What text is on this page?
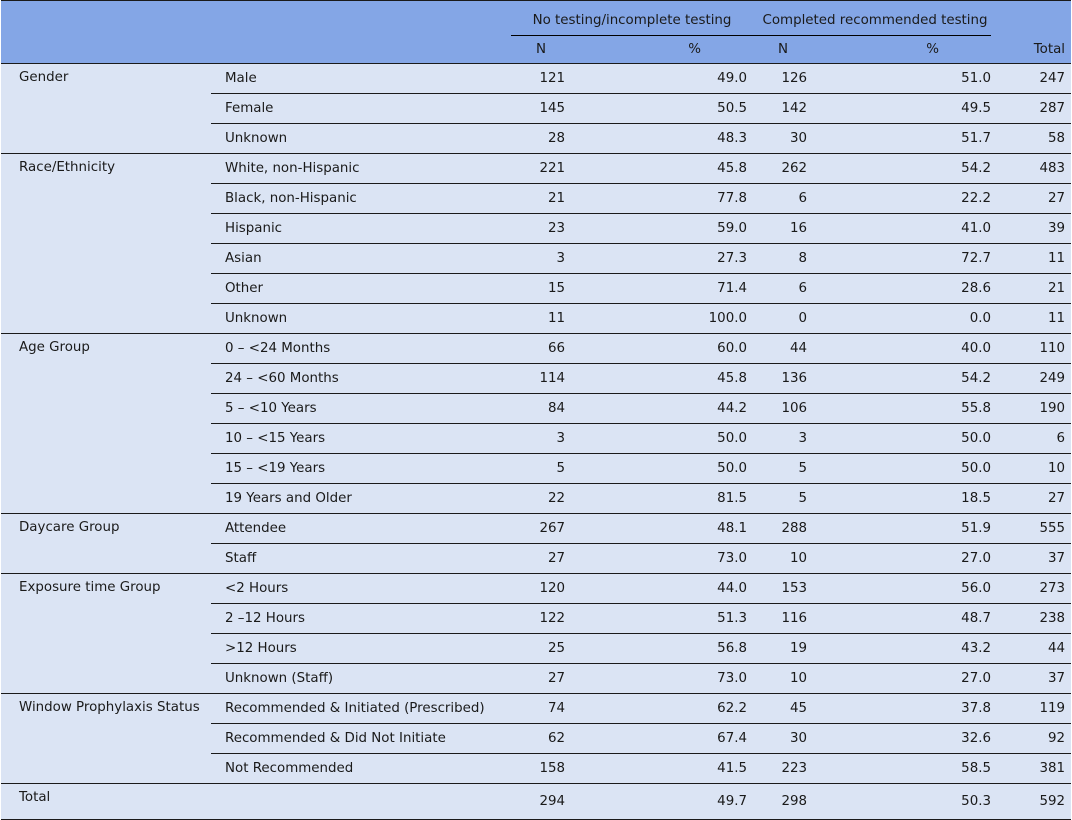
		No testing/incomplete testing		Completed recommended testing	

		N	%	N	%	Total
Gender	Male	121	49.0	126	51.0	247
	Female	145	50.5	142	49.5	287
	Unknown	28	48.3	30	51.7	58
Race/Ethnicity	White, non-Hispanic	221	45.8	262	54.2	483
	Black, non-Hispanic	21	77.8	6	22.2	27
	Hispanic	23	59.0	16	41.0	39
	Asian	3	27.3	8	72.7	11
	Other	15	71.4	6	28.6	21
	Unknown	11	100.0	0	0.0	11
Age Group	0 – <24 Months	66	60.0	44	40.0	110
	24 – <60 Months	114	45.8	136	54.2	249
	5 – <10 Years	84	44.2	106	55.8	190
	10 – <15 Years	3	50.0	3	50.0	6
	15 – <19 Years	5	50.0	5	50.0	10
	19 Years and Older	22	81.5	5	18.5	27
Daycare Group	Attendee	267	48.1	288	51.9	555
	Staff	27	73.0	10	27.0	37
Exposure time Group	<2 Hours	120	44.0	153	56.0	273
	2 –12 Hours	122	51.3	116	48.7	238
	>12 Hours	25	56.8	19	43.2	44
	Unknown (Staff)	27	73.0	10	27.0	37
Window Prophylaxis Status	Recommended & Initiated (Prescribed)	74	62.2	45	37.8	119
	Recommended & Did Not Initiate	62	67.4	30	32.6	92
	Not Recommended	158	41.5	223	58.5	381
Total		294	49.7	298	50.3	592
